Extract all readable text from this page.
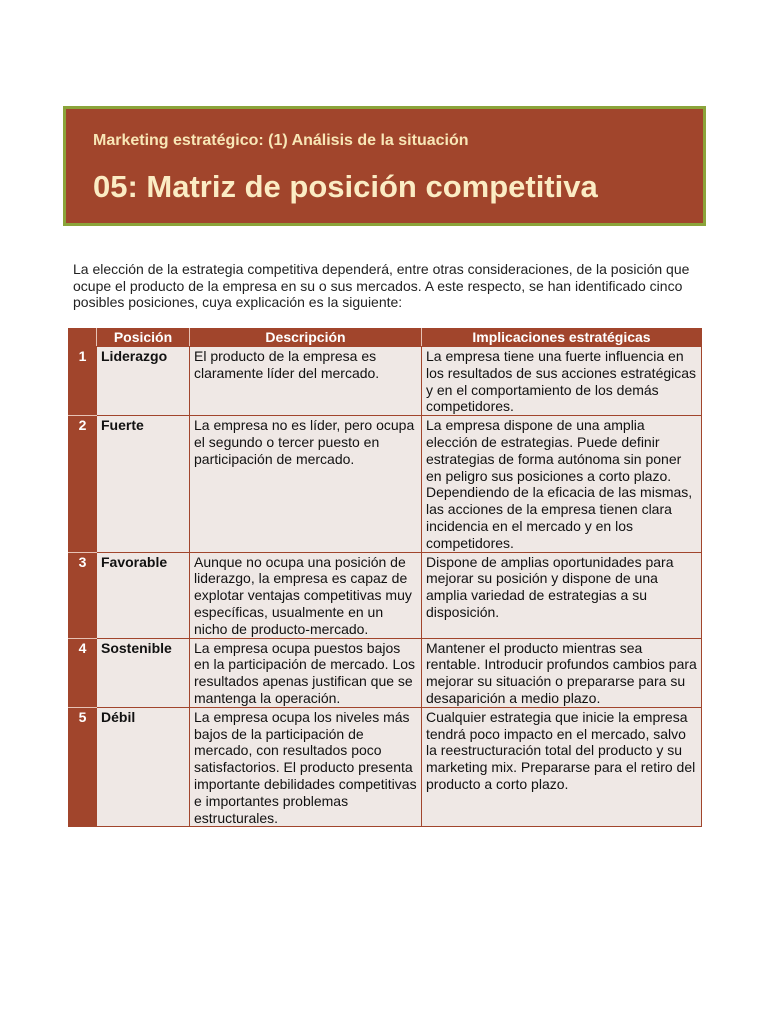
Marketing estratégico: (1) Análisis de la situación
05: Matriz de posición competitiva

La elección de la estrategia competitiva dependerá, entre otras consideraciones, de la posición que ocupe el producto de la empresa en su o sus mercados. A este respecto, se han identificado cinco posibles posiciones, cuya explicación es la siguiente:

	Posición	Descripción	Implicaciones estratégicas
1	Liderazgo	El producto de la empresa es claramente líder del mercado.	La empresa tiene una fuerte influencia en los resultados de sus acciones estratégicas y en el comportamiento de los demás competidores.
2	Fuerte	La empresa no es líder, pero ocupa el segundo o tercer puesto en participación de mercado.	La empresa dispone de una amplia elección de estrategias. Puede definir estrategias de forma autónoma sin poner en peligro sus posiciones a corto plazo. Dependiendo de la eficacia de las mismas, las acciones de la empresa tienen clara incidencia en el mercado y en los competidores.
3	Favorable	Aunque no ocupa una posición de liderazgo, la empresa es capaz de explotar ventajas competitivas muy específicas, usualmente en un nicho de producto-mercado.	Dispone de amplias oportunidades para mejorar su posición y dispone de una amplia variedad de estrategias a su disposición.
4	Sostenible	La empresa ocupa puestos bajos en la participación de mercado. Los resultados apenas justifican que se mantenga la operación.	Mantener el producto mientras sea rentable. Introducir profundos cambios para mejorar su situación o prepararse para su desaparición a medio plazo.
5	Débil	La empresa ocupa los niveles más bajos de la participación de mercado, con resultados poco satisfactorios. El producto presenta importante debilidades competitivas e importantes problemas estructurales.	Cualquier estrategia que inicie la empresa tendrá poco impacto en el mercado, salvo la reestructuración total del producto y su marketing mix. Prepararse para el retiro del producto a corto plazo.
